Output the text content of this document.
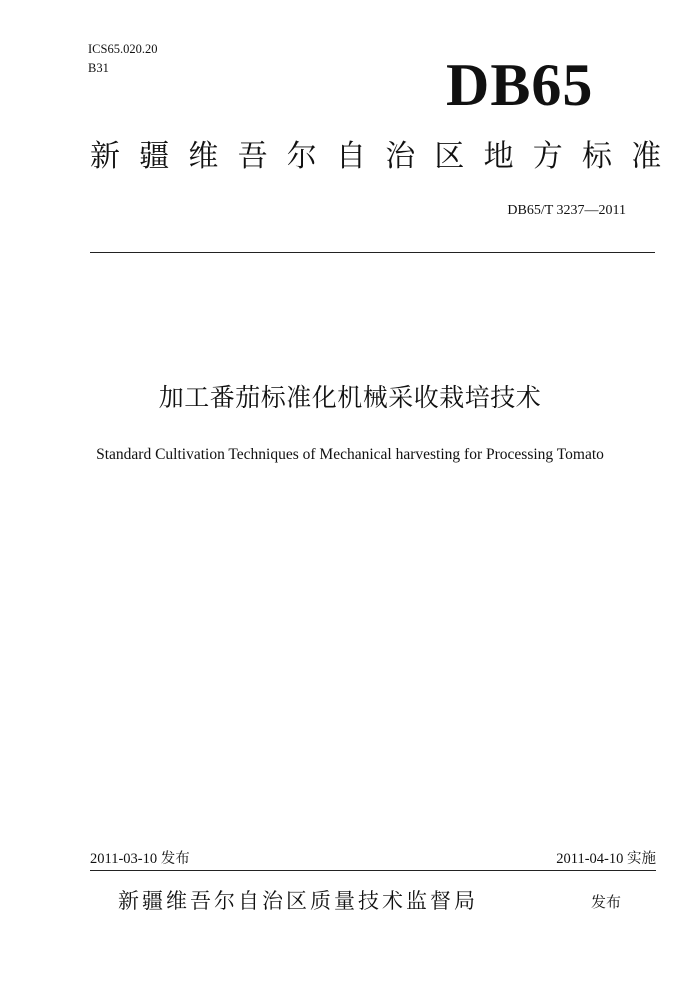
ICS65.020.20
B31	DB65
新疆维吾尔自治区地方标准
DB65/T 3237—2011
加工番茄标准化机械采收栽培技术
Standard Cultivation Techniques of Mechanical harvesting for Processing Tomato
2011-03-10 发布	2011-04-10 实施
新疆维吾尔自治区质量技术监督局	发布
